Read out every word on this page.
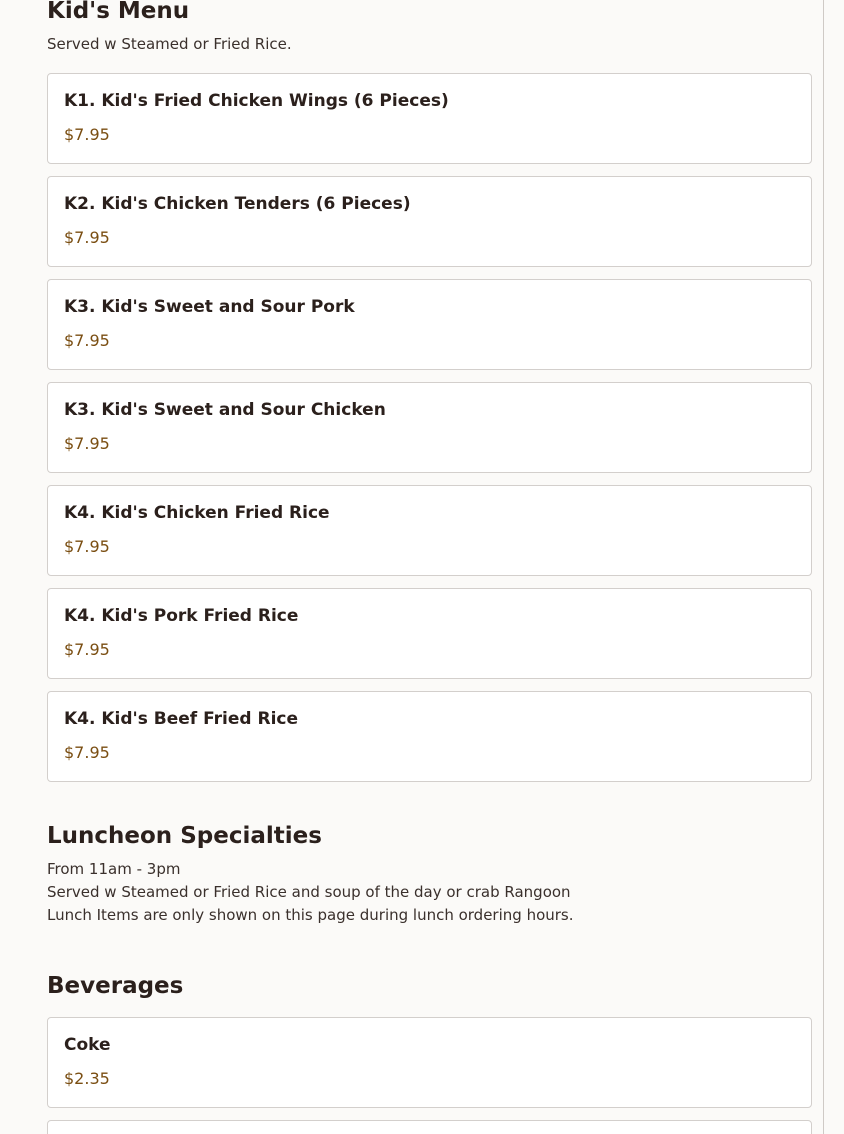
Kid's Menu
Served w Steamed or Fried Rice.
K1. Kid's Fried Chicken Wings (6 Pieces)
$7.95
K2. Kid's Chicken Tenders (6 Pieces)
$7.95
K3. Kid's Sweet and Sour Pork
$7.95
K3. Kid's Sweet and Sour Chicken
$7.95
K4. Kid's Chicken Fried Rice
$7.95
K4. Kid's Pork Fried Rice
$7.95
K4. Kid's Beef Fried Rice
$7.95
Luncheon Specialties
From 11am - 3pm
Served w Steamed or Fried Rice and soup of the day or crab Rangoon
Lunch Items are only shown on this page during lunch ordering hours.
Beverages
Coke
$2.35
